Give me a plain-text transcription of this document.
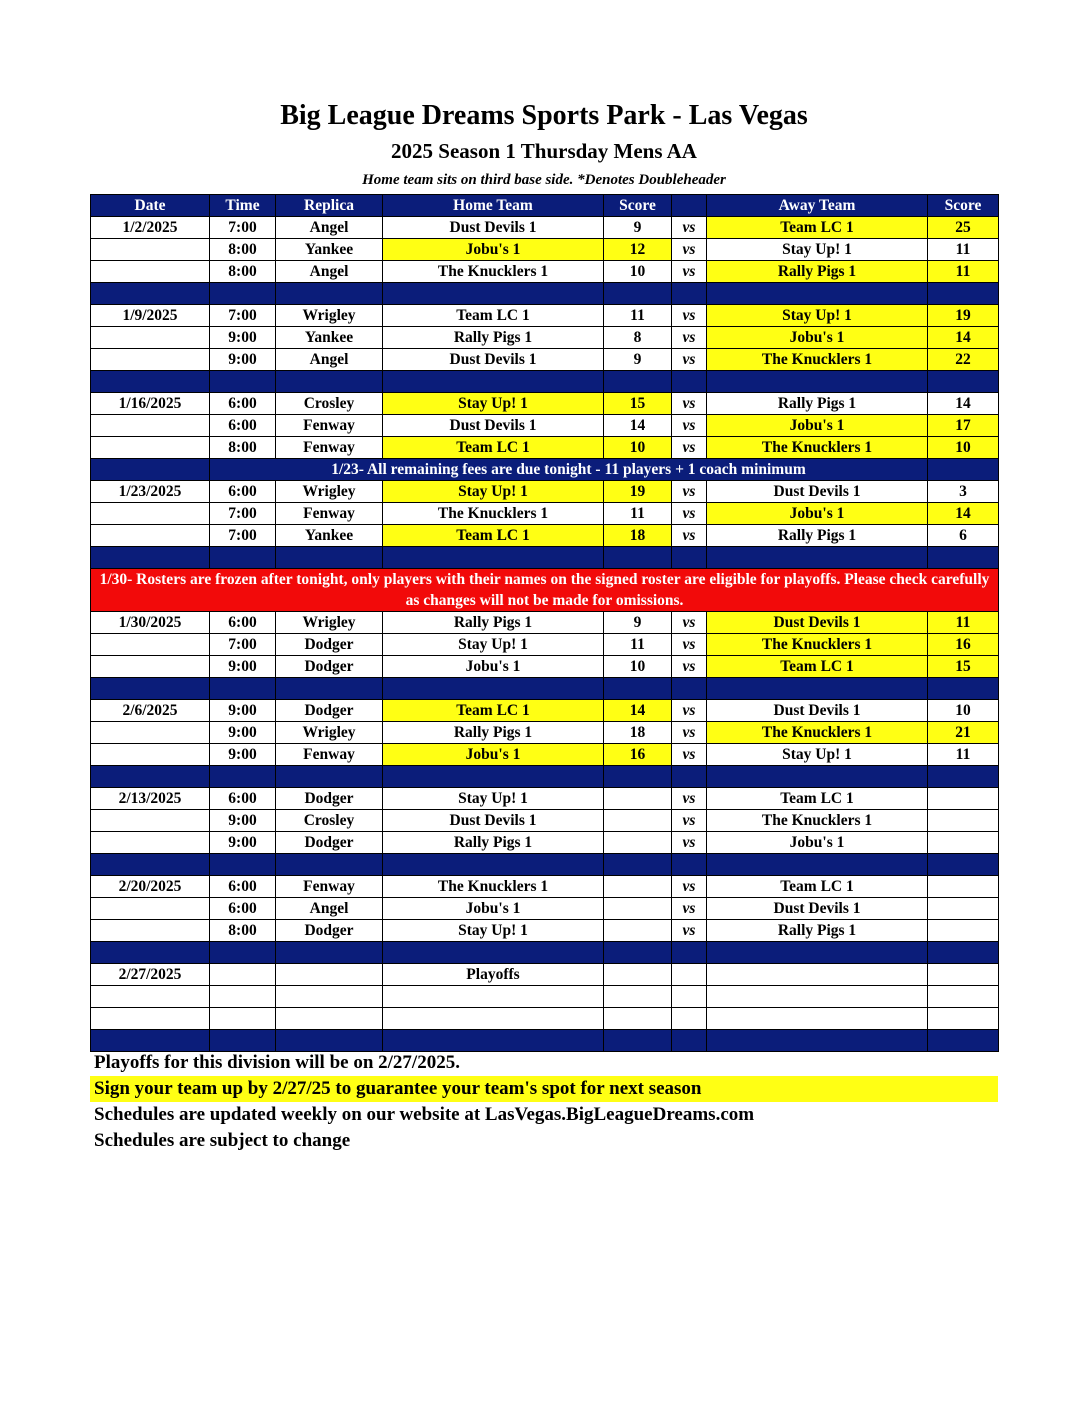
Big League Dreams Sports Park - Las Vegas
2025 Season 1 Thursday Mens AA
Home team sits on third base side. *Denotes Doubleheader
Date	Time	Replica	Home Team	Score		Away Team	Score
1/2/2025	7:00	Angel	Dust Devils 1	9	vs	Team LC 1	25
	8:00	Yankee	Jobu's 1	12	vs	Stay Up! 1	11
	8:00	Angel	The Knucklers 1	10	vs	Rally Pigs 1	11

1/9/2025	7:00	Wrigley	Team LC 1	11	vs	Stay Up! 1	19
	9:00	Yankee	Rally Pigs 1	8	vs	Jobu's 1	14
	9:00	Angel	Dust Devils 1	9	vs	The Knucklers 1	22

1/16/2025	6:00	Crosley	Stay Up! 1	15	vs	Rally Pigs 1	14
	6:00	Fenway	Dust Devils 1	14	vs	Jobu's 1	17
	8:00	Fenway	Team LC 1	10	vs	The Knucklers 1	10
	1/23- All remaining fees are due tonight - 11 players + 1 coach minimum						
1/23/2025	6:00	Wrigley	Stay Up! 1	19	vs	Dust Devils 1	3
	7:00	Fenway	The Knucklers 1	11	vs	Jobu's 1	14
	7:00	Yankee	Team LC 1	18	vs	Rally Pigs 1	6

1/30- Rosters are frozen after tonight, only players with their names on the signed roster are eligible for playoffs. Please check carefully as changes will not be made for omissions.							
1/30/2025	6:00	Wrigley	Rally Pigs 1	9	vs	Dust Devils 1	11
	7:00	Dodger	Stay Up! 1	11	vs	The Knucklers 1	16
	9:00	Dodger	Jobu's 1	10	vs	Team LC 1	15

2/6/2025	9:00	Dodger	Team LC 1	14	vs	Dust Devils 1	10
	9:00	Wrigley	Rally Pigs 1	18	vs	The Knucklers 1	21
	9:00	Fenway	Jobu's 1	16	vs	Stay Up! 1	11

2/13/2025	6:00	Dodger	Stay Up! 1		vs	Team LC 1	
	9:00	Crosley	Dust Devils 1		vs	The Knucklers 1	
	9:00	Dodger	Rally Pigs 1		vs	Jobu's 1	

2/20/2025	6:00	Fenway	The Knucklers 1		vs	Team LC 1	
	6:00	Angel	Jobu's 1		vs	Dust Devils 1	
	8:00	Dodger	Stay Up! 1		vs	Rally Pigs 1	

2/27/2025			Playoffs				

Playoffs for this division will be on 2/27/2025.
Sign your team up by 2/27/25 to guarantee your team's spot for next season
Schedules are updated weekly on our website at LasVegas.BigLeagueDreams.com
Schedules are subject to change
